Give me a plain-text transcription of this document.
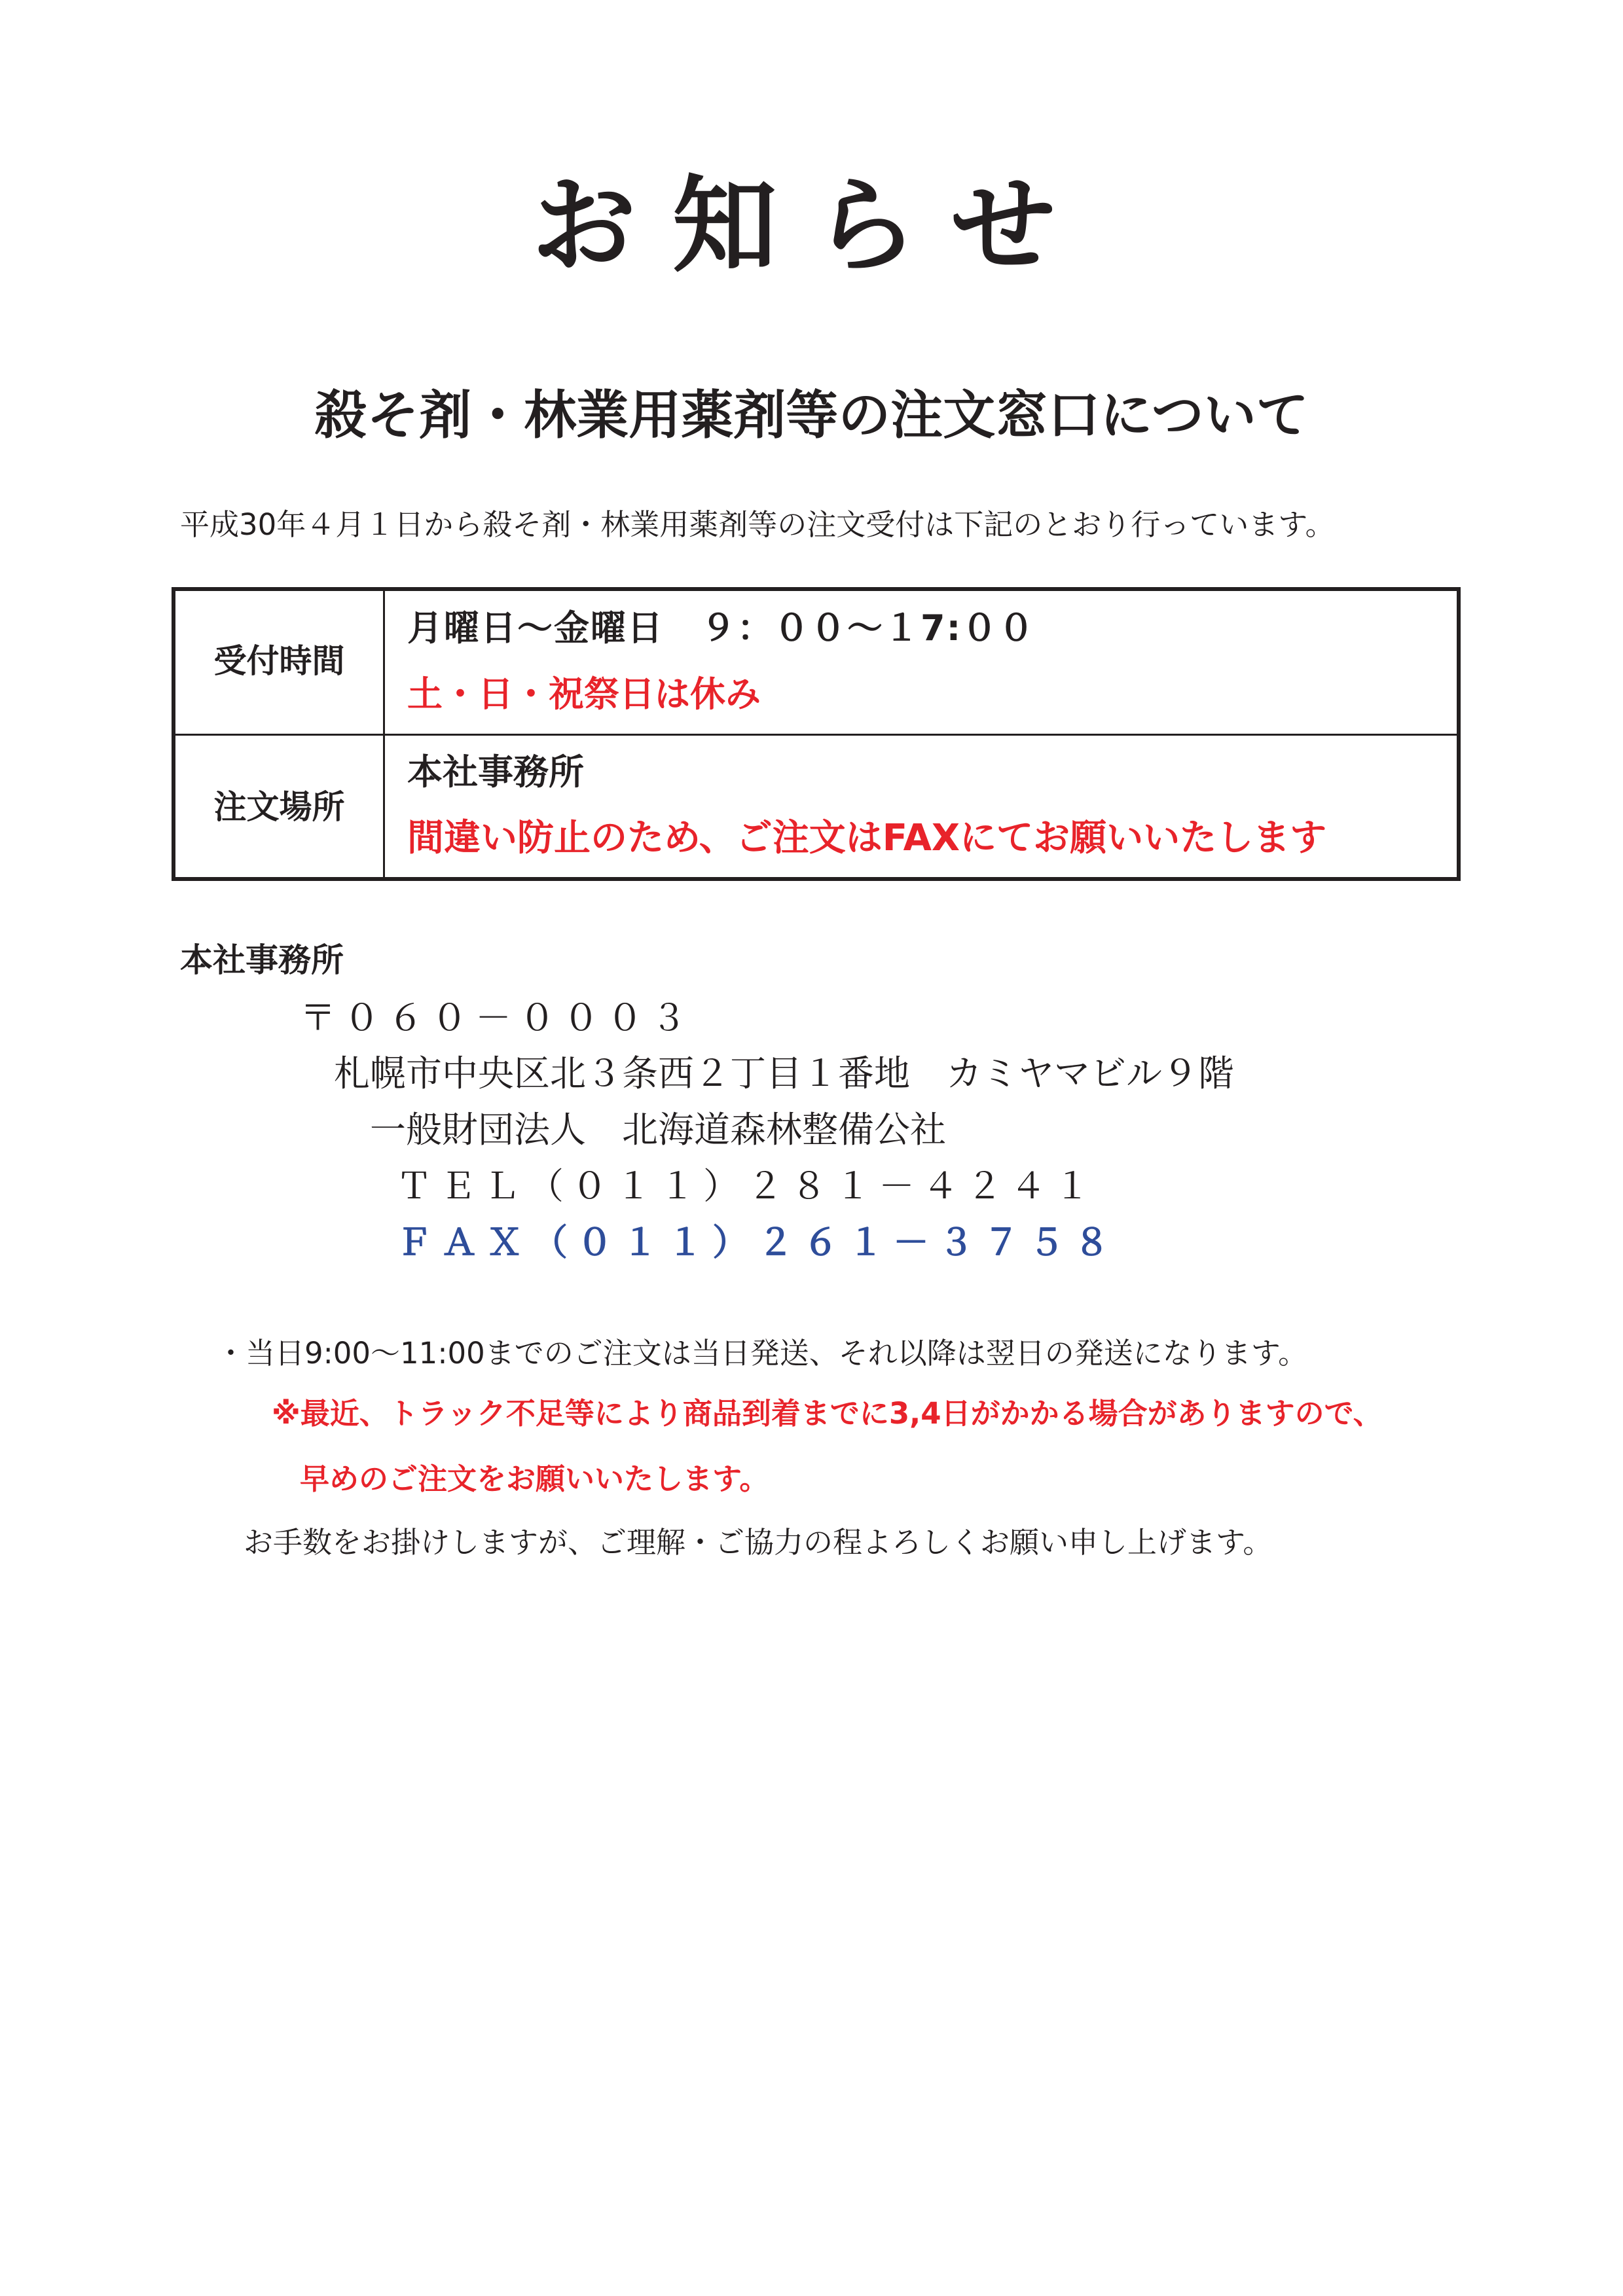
お知らせ
殺そ剤・林業用薬剤等の注文窓口について
平成30年４月１日から殺そ剤・林業用薬剤等の注文受付は下記のとおり行っています。
受付時間
月曜日～金曜日　９：００～１7:００
土・日・祝祭日は休み
注文場所
本社事務所
間違い防止のため、ご注文はFAXにてお願いいたします
本社事務所
〒０６０－０００３
札幌市中央区北３条西２丁目１番地　カミヤマビル９階
一般財団法人　北海道森林整備公社
ＴＥＬ（０１１）２８１－４２４１
ＦＡＸ（０１１）２６１－３７５８
・当日9:00～11:00までのご注文は当日発送、それ以降は翌日の発送になります。
※最近、トラック不足等により商品到着までに3,4日がかかる場合がありますので、
早めのご注文をお願いいたします。
お手数をお掛けしますが、ご理解・ご協力の程よろしくお願い申し上げます。
